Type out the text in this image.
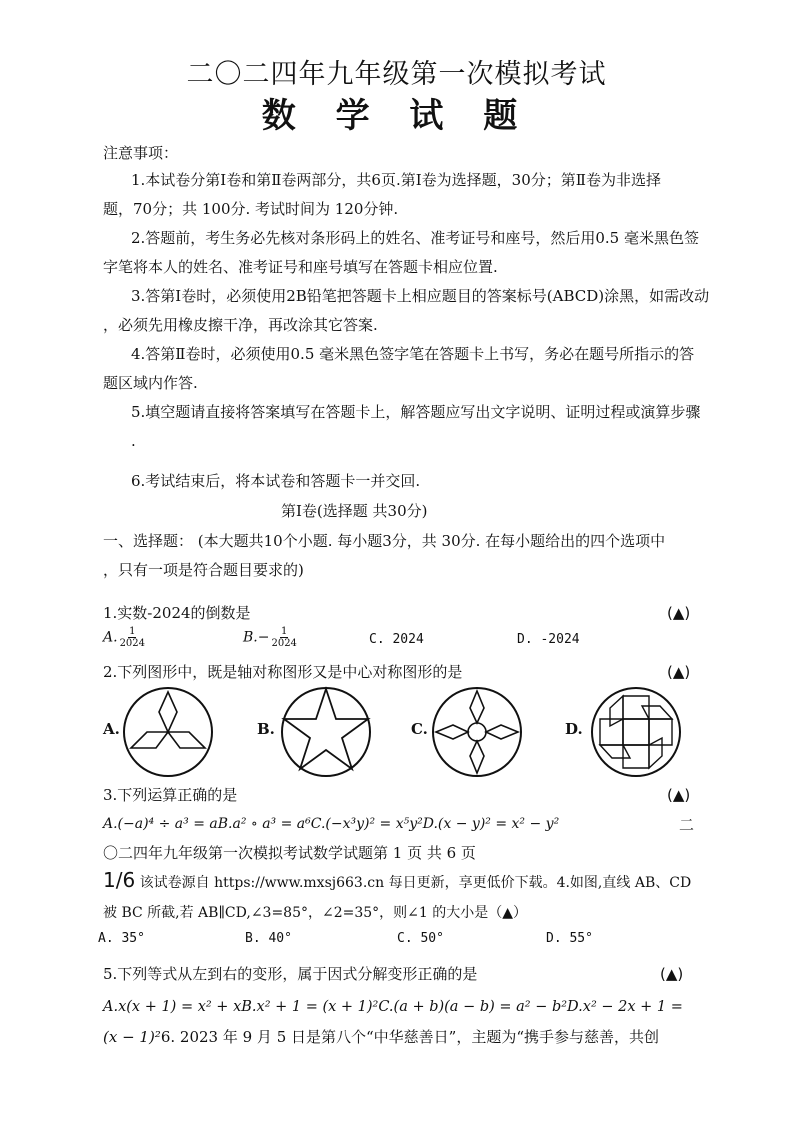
二〇二四年九年级第一次模拟考试
数 学 试 题
注意事项：
1.本试卷分第Ⅰ卷和第Ⅱ卷两部分，共6页.第Ⅰ卷为选择题，30分；第Ⅱ卷为非选择
题，70分；共 100分. 考试时间为 120分钟.
2.答题前，考生务必先核对条形码上的姓名、准考证号和座号，然后用0.5 毫米黑色签
字笔将本人的姓名、准考证号和座号填写在答题卡相应位置.
3.答第Ⅰ卷时，必须使用2B铅笔把答题卡上相应题目的答案标号(ABCD)涂黑，如需改动
，必须先用橡皮擦干净，再改涂其它答案.
4.答第Ⅱ卷时，必须使用0.5 毫米黑色签字笔在答题卡上书写，务必在题号所指示的答
题区域内作答.
5.填空题请直接将答案填写在答题卡上，解答题应写出文字说明、证明过程或演算步骤
.
6.考试结束后，将本试卷和答题卡一并交回.
第Ⅰ卷(选择题 共30分)
一、选择题： (本大题共10个小题. 每小题3分，共 30分. 在每小题给出的四个选项中
，只有一项是符合题目要求的)
1.实数-2024的倒数是	(▲)
A. $\frac{1}{2024}$	$B.- \frac{1}{2024}$	C. 2024	D. -2024
2.下列图形中，既是轴对称图形又是中心对称图形的是	(▲)
A.	B.	C.	D.
3.下列运算正确的是	(▲)
A.(−a)⁴ ÷ a³ = aB.a² ∘ a³ = a⁶C.(−x³y)² = x⁵y²D.(x − y)² = x² − y²	二
〇二四年九年级第一次模拟考试数学试题第 1 页 共 6 页
1/6 该试卷源自 https://www.mxsj663.cn 每日更新，享更低价下载。4.如图,直线 AB、CD
被 BC 所截,若 AB∥CD,∠3=85°，∠2=35°，则∠1 的大小是（▲）
A. 35°	B. 40°	C. 50°	D. 55°
5.下列等式从左到右的变形，属于因式分解变形正确的是	(▲)
A.x(x + 1) = x² + xB.x² + 1 = (x + 1)²C.(a + b)(a − b) = a² − b²D.x² − 2x + 1 =
(x − 1)²6. 2023 年 9 月 5 日是第八个“中华慈善日”，主题为“携手参与慈善，共创
